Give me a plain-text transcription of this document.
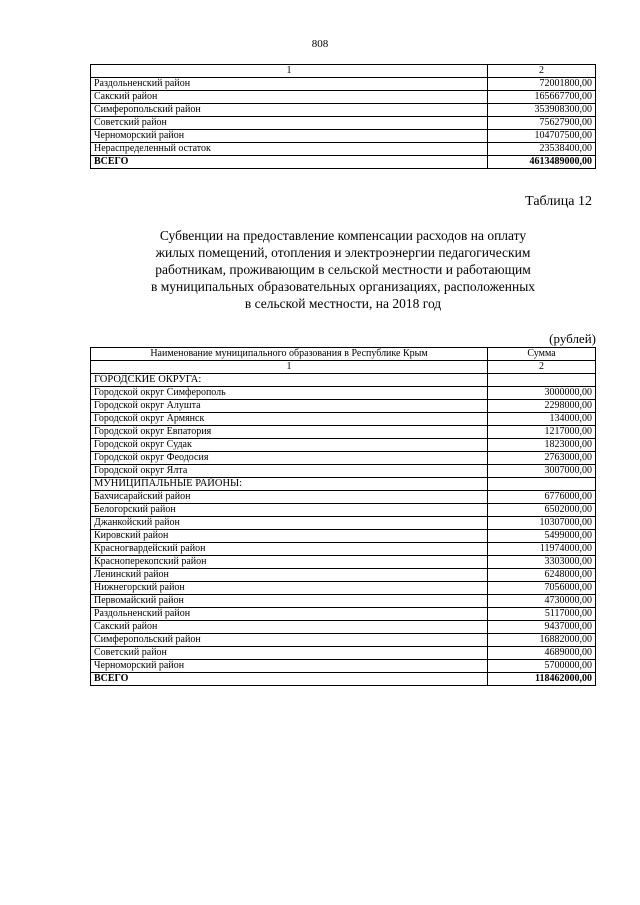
808
1	2
Раздольненский район	72001800,00
Сакский район	165667700,00
Симферопольский район	353908300,00
Советский район	75627900,00
Черноморский район	104707500,00
Нераспределенный остаток	23538400,00
ВСЕГО	4613489000,00
Таблица 12
Субвенции на предоставление компенсации расходов на оплату
жилых помещений, отопления и электроэнергии педагогическим
работникам, проживающим в сельской местности и работающим
в муниципальных образовательных организациях, расположенных
в сельской местности, на 2018 год
(рублей)
Наименование муниципального образования в Республике Крым	Сумма
1	2
ГОРОДСКИЕ ОКРУГА:	
Городской округ Симферополь	3000000,00
Городской округ Алушта	2298000,00
Городской округ Армянск	134000,00
Городской округ Евпатория	1217000,00
Городской округ Судак	1823000,00
Городской округ Феодосия	2763000,00
Городской округ Ялта	3007000,00
МУНИЦИПАЛЬНЫЕ РАЙОНЫ:	
Бахчисарайский район	6776000,00
Белогорский район	6502000,00
Джанкойский район	10307000,00
Кировский район	5499000,00
Красногвардейский район	11974000,00
Красноперекопский район	3303000,00
Ленинский район	6248000,00
Нижнегорский район	7056000,00
Первомайский район	4730000,00
Раздольненский район	5117000,00
Сакский район	9437000,00
Симферопольский район	16882000,00
Советский район	4689000,00
Черноморский район	5700000,00
ВСЕГО	118462000,00
